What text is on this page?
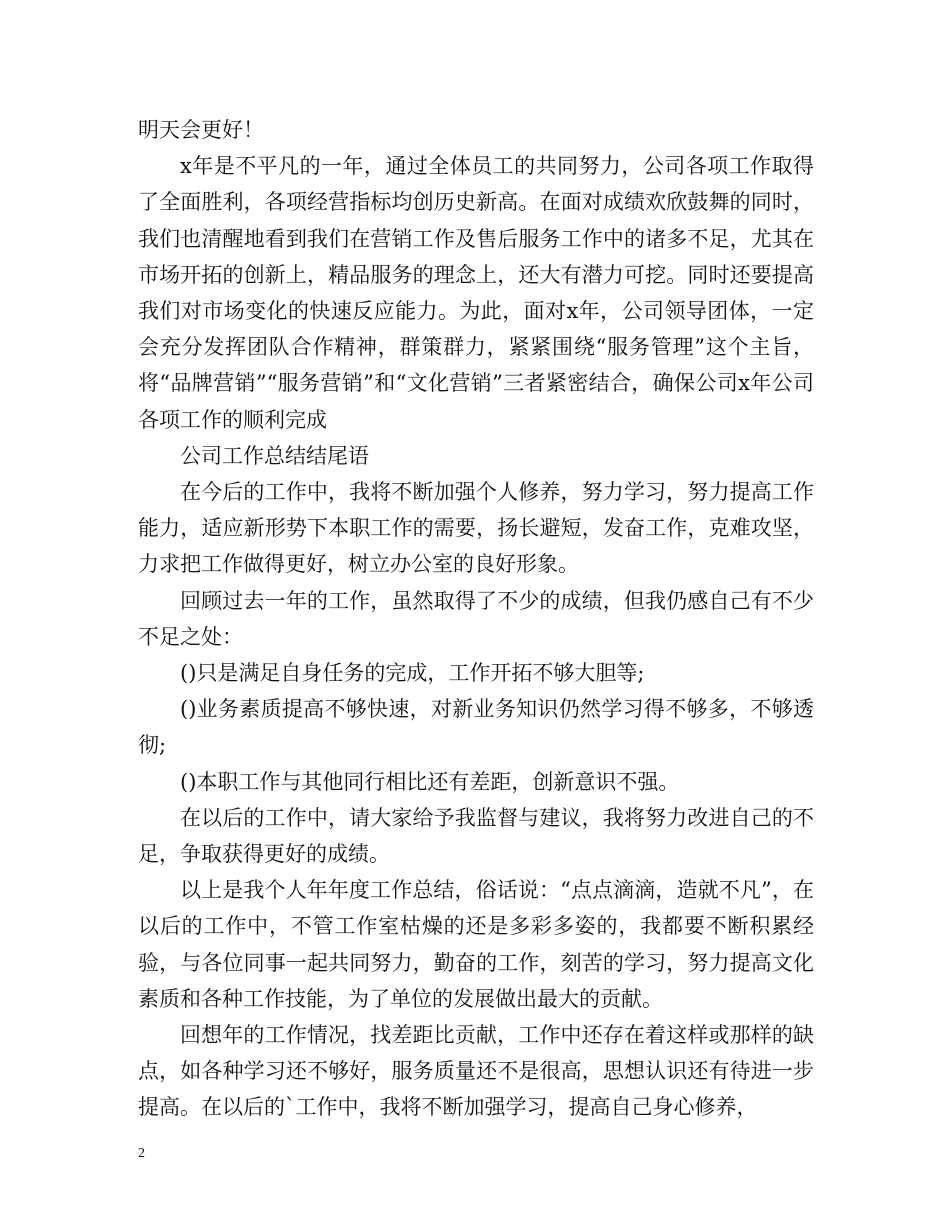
明天会更好！

x年是不平凡的一年，通过全体员工的共同努力，公司各项工作取得了全面胜利，各项经营指标均创历史新高。在面对成绩欢欣鼓舞的同时，我们也清醒地看到我们在营销工作及售后服务工作中的诸多不足，尤其在市场开拓的创新上，精品服务的理念上，还大有潜力可挖。同时还要提高我们对市场变化的快速反应能力。为此，面对x年，公司领导团体，一定会充分发挥团队合作精神，群策群力，紧紧围绕“服务管理”这个主旨，将“品牌营销”“服务营销”和“文化营销”三者紧密结合，确保公司x年公司各项工作的顺利完成

公司工作总结结尾语

在今后的工作中，我将不断加强个人修养，努力学习，努力提高工作能力，适应新形势下本职工作的需要，扬长避短，发奋工作，克难攻坚，力求把工作做得更好，树立办公室的良好形象。

回顾过去一年的工作，虽然取得了不少的成绩，但我仍感自己有不少不足之处：

()只是满足自身任务的完成，工作开拓不够大胆等;

()业务素质提高不够快速，对新业务知识仍然学习得不够多，不够透彻;

()本职工作与其他同行相比还有差距，创新意识不强。

在以后的工作中，请大家给予我监督与建议，我将努力改进自己的不足，争取获得更好的成绩。

以上是我个人年年度工作总结，俗话说：“点点滴滴，造就不凡”，在以后的工作中，不管工作室枯燥的还是多彩多姿的，我都要不断积累经验，与各位同事一起共同努力，勤奋的工作，刻苦的学习，努力提高文化素质和各种工作技能，为了单位的发展做出最大的贡献。

回想年的工作情况，找差距比贡献，工作中还存在着这样或那样的缺点，如各种学习还不够好，服务质量还不是很高，思想认识还有待进一步提高。在以后的`工作中，我将不断加强学习，提高自己身心修养，

2
